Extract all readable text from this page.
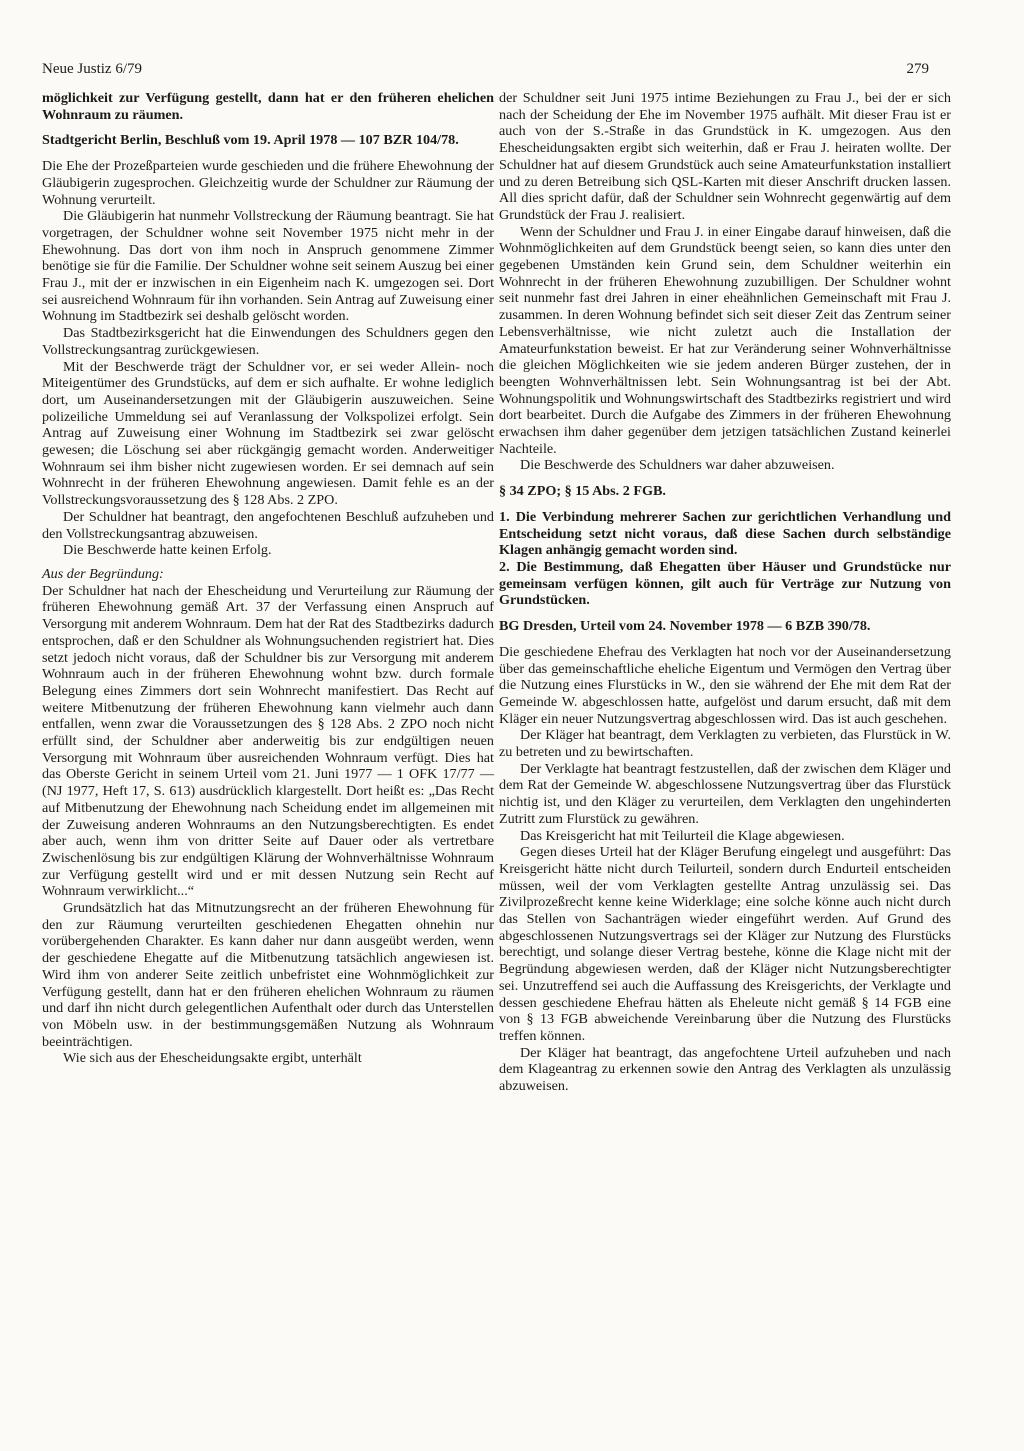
Neue Justiz 6/79	279

möglichkeit zur Verfügung gestellt, dann hat er den früheren ehelichen Wohnraum zu räumen.

Stadtgericht Berlin, Beschluß vom 19. April 1978 — 107 BZR 104/78.

Die Ehe der Prozeßparteien wurde geschieden und die frühere Ehewohnung der Gläubigerin zugesprochen. Gleichzeitig wurde der Schuldner zur Räumung der Wohnung verurteilt.

Die Gläubigerin hat nunmehr Vollstreckung der Räumung beantragt. Sie hat vorgetragen, der Schuldner wohne seit November 1975 nicht mehr in der Ehewohnung. Das dort von ihm noch in Anspruch genommene Zimmer benötige sie für die Familie. Der Schuldner wohne seit seinem Auszug bei einer Frau J., mit der er inzwischen in ein Eigenheim nach K. umgezogen sei. Dort sei ausreichend Wohnraum für ihn vorhanden. Sein Antrag auf Zuweisung einer Wohnung im Stadtbezirk sei deshalb gelöscht worden.

Das Stadtbezirksgericht hat die Einwendungen des Schuldners gegen den Vollstreckungsantrag zurückgewiesen.

Mit der Beschwerde trägt der Schuldner vor, er sei weder Allein- noch Miteigentümer des Grundstücks, auf dem er sich aufhalte. Er wohne lediglich dort, um Auseinandersetzungen mit der Gläubigerin auszuweichen. Seine polizeiliche Ummeldung sei auf Veranlassung der Volkspolizei erfolgt. Sein Antrag auf Zuweisung einer Wohnung im Stadtbezirk sei zwar gelöscht gewesen; die Löschung sei aber rückgängig gemacht worden. Anderweitiger Wohnraum sei ihm bisher nicht zugewiesen worden. Er sei demnach auf sein Wohnrecht in der früheren Ehewohnung angewiesen. Damit fehle es an der Vollstreckungsvoraussetzung des § 128 Abs. 2 ZPO.

Der Schuldner hat beantragt, den angefochtenen Beschluß aufzuheben und den Vollstreckungsantrag abzuweisen.

Die Beschwerde hatte keinen Erfolg.

Aus der Begründung:

Der Schuldner hat nach der Ehescheidung und Verurteilung zur Räumung der früheren Ehewohnung gemäß Art. 37 der Verfassung einen Anspruch auf Versorgung mit anderem Wohnraum. Dem hat der Rat des Stadtbezirks dadurch entsprochen, daß er den Schuldner als Wohnungsuchenden registriert hat. Dies setzt jedoch nicht voraus, daß der Schuldner bis zur Versorgung mit anderem Wohnraum auch in der früheren Ehewohnung wohnt bzw. durch formale Belegung eines Zimmers dort sein Wohnrecht manifestiert. Das Recht auf weitere Mitbenutzung der früheren Ehewohnung kann vielmehr auch dann entfallen, wenn zwar die Voraussetzungen des § 128 Abs. 2 ZPO noch nicht erfüllt sind, der Schuldner aber anderweitig bis zur endgültigen neuen Versorgung mit Wohnraum über ausreichenden Wohnraum verfügt. Dies hat das Oberste Gericht in seinem Urteil vom 21. Juni 1977 — 1 OFK 17/77 — (NJ 1977, Heft 17, S. 613) ausdrücklich klargestellt. Dort heißt es: „Das Recht auf Mitbenutzung der Ehewohnung nach Scheidung endet im allgemeinen mit der Zuweisung anderen Wohnraums an den Nutzungsberechtigten. Es endet aber auch, wenn ihm von dritter Seite auf Dauer oder als vertretbare Zwischenlösung bis zur endgültigen Klärung der Wohnverhältnisse Wohnraum zur Verfügung gestellt wird und er mit dessen Nutzung sein Recht auf Wohnraum verwirklicht...“

Grundsätzlich hat das Mitnutzungsrecht an der früheren Ehewohnung für den zur Räumung verurteilten geschiedenen Ehegatten ohnehin nur vorübergehenden Charakter. Es kann daher nur dann ausgeübt werden, wenn der geschiedene Ehegatte auf die Mitbenutzung tatsächlich angewiesen ist. Wird ihm von anderer Seite zeitlich unbefristet eine Wohnmöglichkeit zur Verfügung gestellt, dann hat er den früheren ehelichen Wohnraum zu räumen und darf ihn nicht durch gelegentlichen Aufenthalt oder durch das Unterstellen von Möbeln usw. in der bestimmungsgemäßen Nutzung als Wohnraum beeinträchtigen.

Wie sich aus der Ehescheidungsakte ergibt, unterhält

der Schuldner seit Juni 1975 intime Beziehungen zu Frau J., bei der er sich nach der Scheidung der Ehe im November 1975 aufhält. Mit dieser Frau ist er auch von der S.-Straße in das Grundstück in K. umgezogen. Aus den Ehescheidungsakten ergibt sich weiterhin, daß er Frau J. heiraten wollte. Der Schuldner hat auf diesem Grundstück auch seine Amateurfunkstation installiert und zu deren Betreibung sich QSL-Karten mit dieser Anschrift drucken lassen. All dies spricht dafür, daß der Schuldner sein Wohnrecht gegenwärtig auf dem Grundstück der Frau J. realisiert.

Wenn der Schuldner und Frau J. in einer Eingabe darauf hinweisen, daß die Wohnmöglichkeiten auf dem Grundstück beengt seien, so kann dies unter den gegebenen Umständen kein Grund sein, dem Schuldner weiterhin ein Wohnrecht in der früheren Ehewohnung zuzubilligen. Der Schuldner wohnt seit nunmehr fast drei Jahren in einer eheähnlichen Gemeinschaft mit Frau J. zusammen. In deren Wohnung befindet sich seit dieser Zeit das Zentrum seiner Lebensverhältnisse, wie nicht zuletzt auch die Installation der Amateurfunkstation beweist. Er hat zur Veränderung seiner Wohnverhältnisse die gleichen Möglichkeiten wie sie jedem anderen Bürger zustehen, der in beengten Wohnverhältnissen lebt. Sein Wohnungsantrag ist bei der Abt. Wohnungspolitik und Wohnungswirtschaft des Stadtbezirks registriert und wird dort bearbeitet. Durch die Aufgabe des Zimmers in der früheren Ehewohnung erwachsen ihm daher gegenüber dem jetzigen tatsächlichen Zustand keinerlei Nachteile.

Die Beschwerde des Schuldners war daher abzuweisen.

§ 34 ZPO; § 15 Abs. 2 FGB.

1. Die Verbindung mehrerer Sachen zur gerichtlichen Verhandlung und Entscheidung setzt nicht voraus, daß diese Sachen durch selbständige Klagen anhängig gemacht worden sind.

2. Die Bestimmung, daß Ehegatten über Häuser und Grundstücke nur gemeinsam verfügen können, gilt auch für Verträge zur Nutzung von Grundstücken.

BG Dresden, Urteil vom 24. November 1978 — 6 BZB 390/78.

Die geschiedene Ehefrau des Verklagten hat noch vor der Auseinandersetzung über das gemeinschaftliche eheliche Eigentum und Vermögen den Vertrag über die Nutzung eines Flurstücks in W., den sie während der Ehe mit dem Rat der Gemeinde W. abgeschlossen hatte, aufgelöst und darum ersucht, daß mit dem Kläger ein neuer Nutzungsvertrag abgeschlossen wird. Das ist auch geschehen.

Der Kläger hat beantragt, dem Verklagten zu verbieten, das Flurstück in W. zu betreten und zu bewirtschaften.

Der Verklagte hat beantragt festzustellen, daß der zwischen dem Kläger und dem Rat der Gemeinde W. abgeschlossene Nutzungsvertrag über das Flurstück nichtig ist, und den Kläger zu verurteilen, dem Verklagten den ungehinderten Zutritt zum Flurstück zu gewähren.

Das Kreisgericht hat mit Teilurteil die Klage abgewiesen.

Gegen dieses Urteil hat der Kläger Berufung eingelegt und ausgeführt: Das Kreisgericht hätte nicht durch Teilurteil, sondern durch Endurteil entscheiden müssen, weil der vom Verklagten gestellte Antrag unzulässig sei. Das Zivilprozeßrecht kenne keine Widerklage; eine solche könne auch nicht durch das Stellen von Sachanträgen wieder eingeführt werden. Auf Grund des abgeschlossenen Nutzungsvertrags sei der Kläger zur Nutzung des Flurstücks berechtigt, und solange dieser Vertrag bestehe, könne die Klage nicht mit der Begründung abgewiesen werden, daß der Kläger nicht Nutzungsberechtigter sei. Unzutreffend sei auch die Auffassung des Kreisgerichts, der Verklagte und dessen geschiedene Ehefrau hätten als Eheleute nicht gemäß § 14 FGB eine von § 13 FGB abweichende Vereinbarung über die Nutzung des Flurstücks treffen können.

Der Kläger hat beantragt, das angefochtene Urteil aufzuheben und nach dem Klageantrag zu erkennen sowie den Antrag des Verklagten als unzulässig abzuweisen.
